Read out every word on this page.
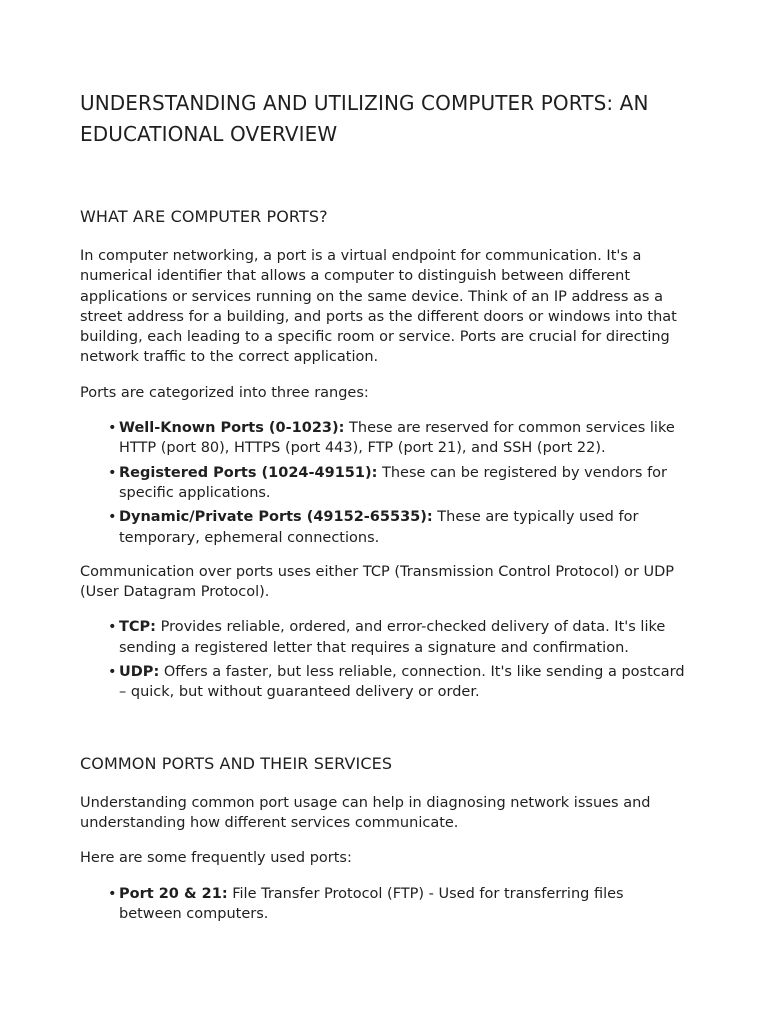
UNDERSTANDING AND UTILIZING COMPUTER PORTS: AN EDUCATIONAL OVERVIEW
WHAT ARE COMPUTER PORTS?

In computer networking, a port is a virtual endpoint for communication. It's a numerical identifier that allows a computer to distinguish between different applications or services running on the same device. Think of an IP address as a street address for a building, and ports as the different doors or windows into that building, each leading to a specific room or service. Ports are crucial for directing network traffic to the correct application.

Ports are categorized into three ranges:

• Well-Known Ports (0-1023): These are reserved for common services like HTTP (port 80), HTTPS (port 443), FTP (port 21), and SSH (port 22).
• Registered Ports (1024-49151): These can be registered by vendors for specific applications.
• Dynamic/Private Ports (49152-65535): These are typically used for temporary, ephemeral connections.

Communication over ports uses either TCP (Transmission Control Protocol) or UDP (User Datagram Protocol).

• TCP: Provides reliable, ordered, and error-checked delivery of data. It's like sending a registered letter that requires a signature and confirmation.
• UDP: Offers a faster, but less reliable, connection. It's like sending a postcard – quick, but without guaranteed delivery or order.
COMMON PORTS AND THEIR SERVICES

Understanding common port usage can help in diagnosing network issues and understanding how different services communicate.

Here are some frequently used ports:

• Port 20 & 21: File Transfer Protocol (FTP) - Used for transferring files between computers.
